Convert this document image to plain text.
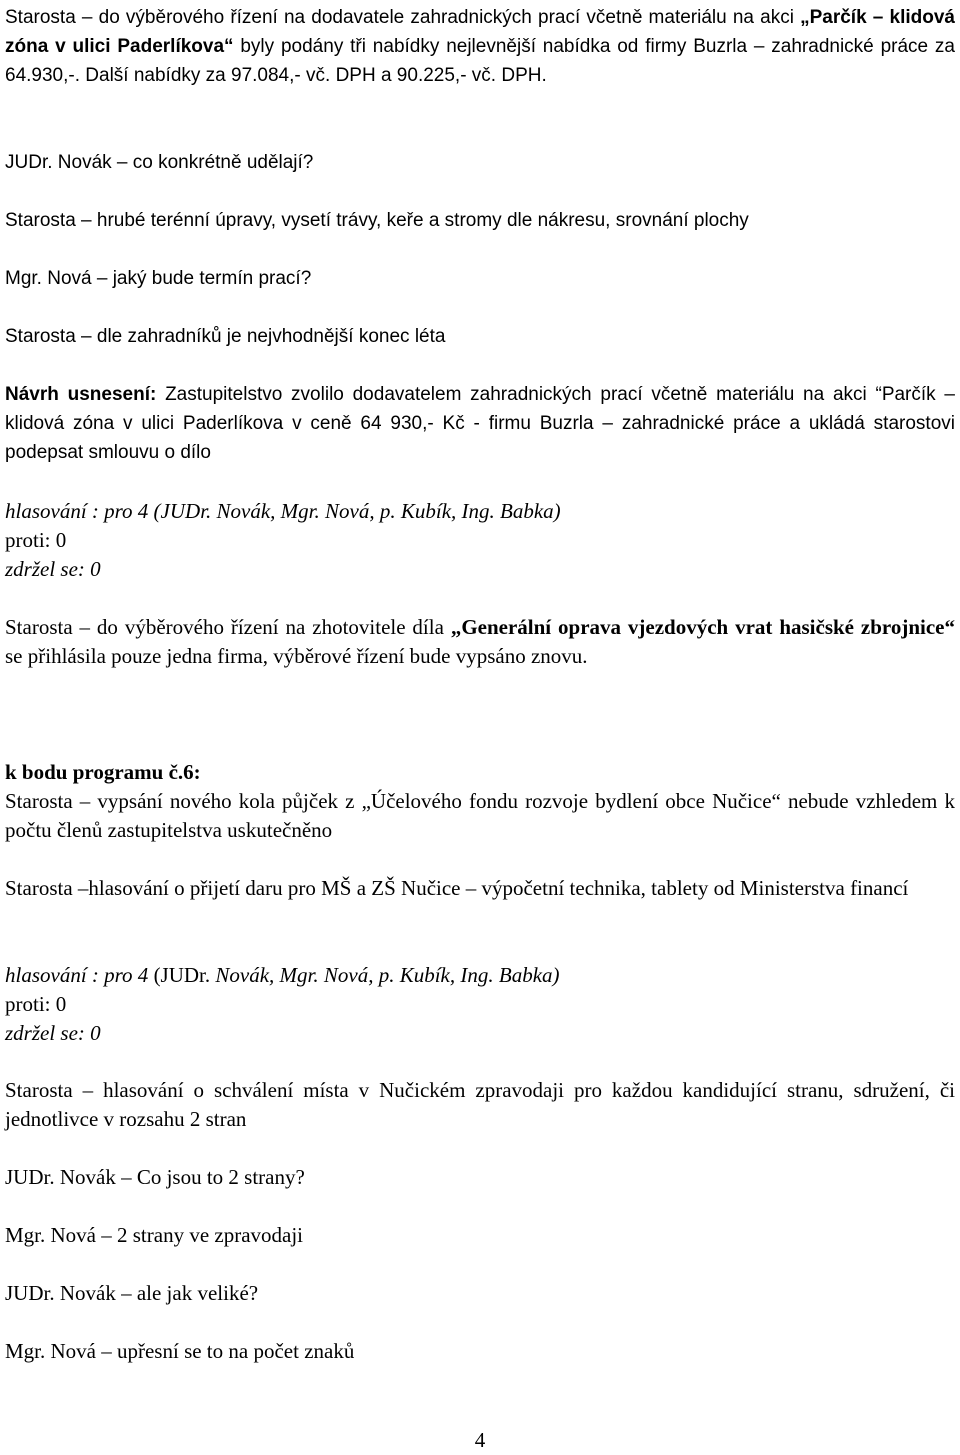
Starosta – do výběrového řízení na dodavatele zahradnických prací včetně materiálu na akci „Parčík – klidová zóna v ulici Paderlíkova“ byly podány tři nabídky nejlevnější nabídka od firmy Buzrla – zahradnické práce za 64.930,-. Další nabídky za 97.084,- vč. DPH a 90.225,- vč. DPH.

JUDr. Novák – co konkrétně udělají?

Starosta – hrubé terénní úpravy, vysetí trávy, keře a stromy dle nákresu, srovnání plochy

Mgr. Nová – jaký bude termín prací?

Starosta – dle zahradníků je nejvhodnější konec léta

Návrh usnesení: Zastupitelstvo zvolilo dodavatelem zahradnických prací včetně materiálu na akci “Parčík – klidová zóna v ulici Paderlíkova v ceně 64 930,- Kč - firmu Buzrla – zahradnické práce a ukládá starostovi podepsat smlouvu o dílo

hlasování : pro 4 (JUDr. Novák, Mgr. Nová, p. Kubík, Ing. Babka)

proti: 0

zdržel se: 0

Starosta – do výběrového řízení na zhotovitele díla „Generální oprava vjezdových vrat hasičské zbrojnice“ se přihlásila pouze jedna firma, výběrové řízení bude vypsáno znovu.

k bodu programu č.6:

Starosta – vypsání nového kola půjček z „Účelového fondu rozvoje bydlení obce Nučice“ nebude vzhledem k počtu členů zastupitelstva uskutečněno

Starosta –hlasování o přijetí daru pro MŠ a ZŠ Nučice – výpočetní technika, tablety od Ministerstva financí

hlasování : pro 4 (JUDr. Novák, Mgr. Nová, p. Kubík, Ing. Babka)

proti: 0

zdržel se: 0

Starosta – hlasování o schválení místa v Nučickém zpravodaji pro každou kandidující stranu, sdružení, či jednotlivce v rozsahu 2 stran

JUDr. Novák – Co jsou to 2 strany?

Mgr. Nová – 2 strany ve zpravodaji

JUDr. Novák – ale jak veliké?

Mgr. Nová – upřesní se to na počet znaků

4
